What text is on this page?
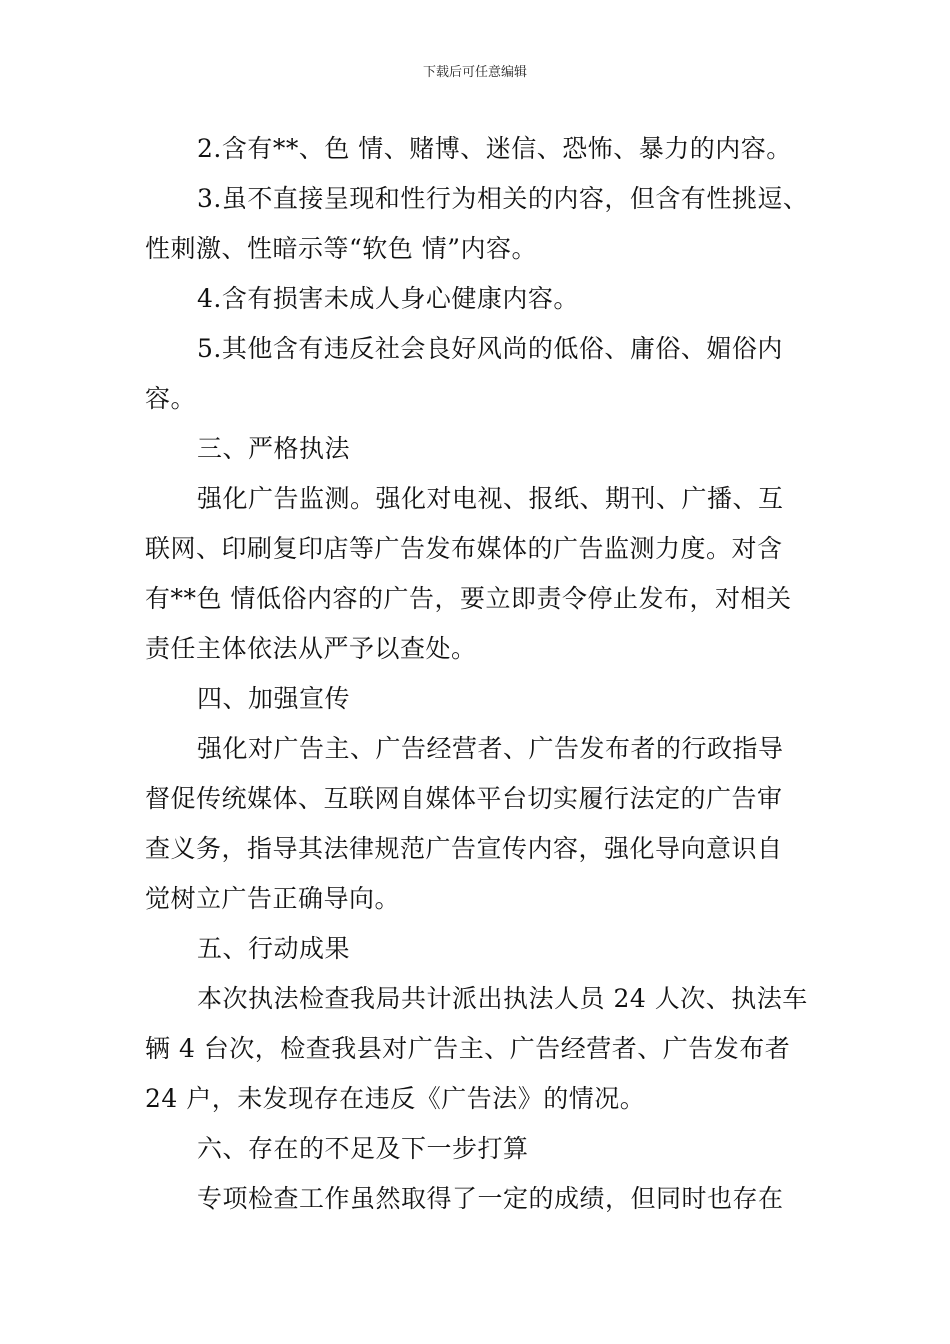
下载后可任意编辑
2.含有**、色 情、赌博、迷信、恐怖、暴力的内容。
3.虽不直接呈现和性行为相关的内容，但含有性挑逗、
性刺激、性暗示等“软色 情”内容。
4.含有损害未成人身心健康内容。
5.其他含有违反社会良好风尚的低俗、庸俗、媚俗内
容。
三、严格执法
强化广告监测。强化对电视、报纸、期刊、广播、互
联网、印刷复印店等广告发布媒体的广告监测力度。对含
有**色 情低俗内容的广告，要立即责令停止发布，对相关
责任主体依法从严予以查处。
四、加强宣传
强化对广告主、广告经营者、广告发布者的行政指导
督促传统媒体、互联网自媒体平台切实履行法定的广告审
查义务，指导其法律规范广告宣传内容，强化导向意识自
觉树立广告正确导向。
五、行动成果
本次执法检查我局共计派出执法人员 24 人次、执法车
辆 4 台次，检查我县对广告主、广告经营者、广告发布者
24 户，未发现存在违反《广告法》的情况。
六、存在的不足及下一步打算
专项检查工作虽然取得了一定的成绩，但同时也存在
